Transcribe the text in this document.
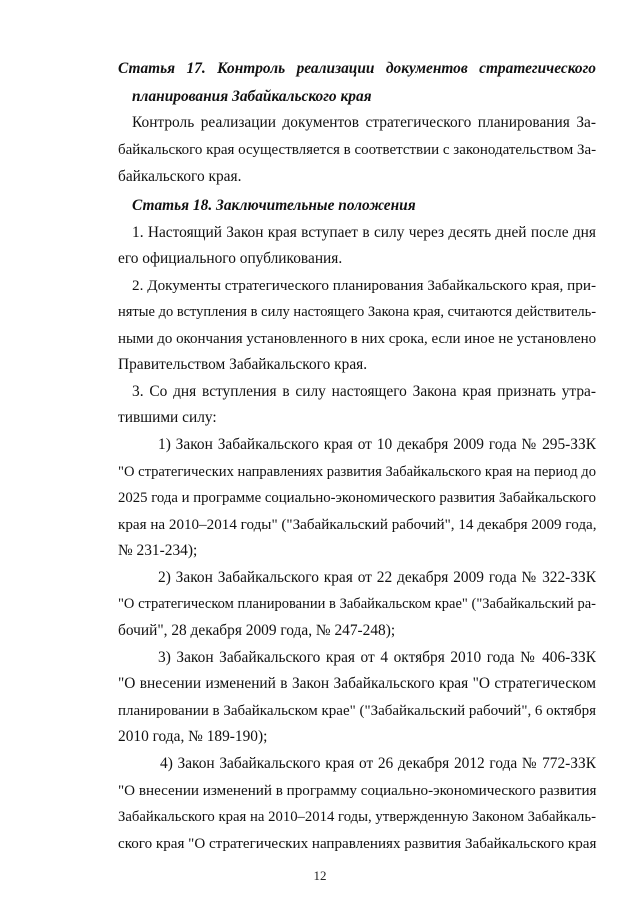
Статья 17. Контроль реализации документов стратегического
планирования Забайкальского края
Контроль реализации документов стратегического планирования За-
байкальского края осуществляется в соответствии с законодательством За-
байкальского края.
Статья 18. Заключительные положения
1. Настоящий Закон края вступает в силу через десять дней после дня
его официального опубликования.
2. Документы стратегического планирования Забайкальского края, при-
нятые до вступления в силу настоящего Закона края, считаются действитель-
ными до окончания установленного в них срока, если иное не установлено
Правительством Забайкальского края.
3. Со дня вступления в силу настоящего Закона края признать утра-
тившими силу:
1) Закон Забайкальского края от 10 декабря 2009 года № 295-ЗЗК
"О стратегических направлениях развития Забайкальского края на период до
2025 года и программе социально-экономического развития Забайкальского
края на 2010–2014 годы" ("Забайкальский рабочий", 14 декабря 2009 года,
№ 231-234);
2) Закон Забайкальского края от 22 декабря 2009 года № 322-ЗЗК
"О стратегическом планировании в Забайкальском крае" ("Забайкальский ра-
бочий", 28 декабря 2009 года, № 247-248);
3) Закон Забайкальского края от 4 октября 2010 года № 406-ЗЗК
"О внесении изменений в Закон Забайкальского края "О стратегическом
планировании в Забайкальском крае" ("Забайкальский рабочий", 6 октября
2010 года, № 189-190);
4) Закон Забайкальского края от 26 декабря 2012 года № 772-ЗЗК
"О внесении изменений в программу социально-экономического развития
Забайкальского края на 2010–2014 годы, утвержденную Законом Забайкаль-
ского края "О стратегических направлениях развития Забайкальского края
12
